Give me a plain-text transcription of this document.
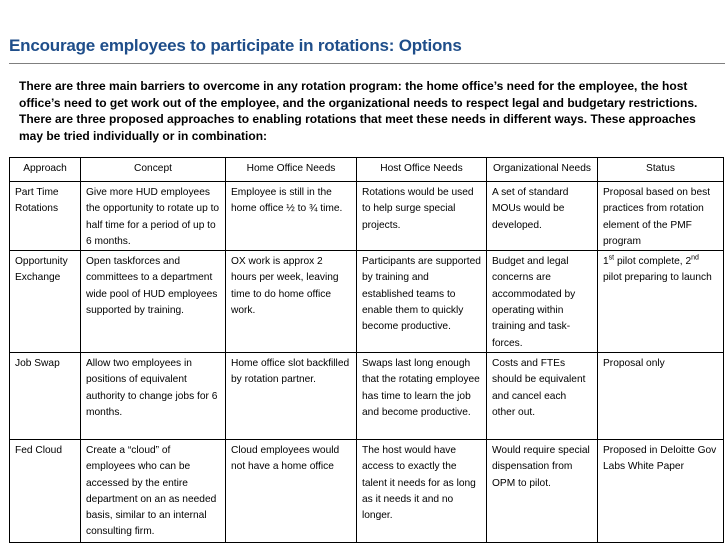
Encourage employees to participate in rotations: Options
There are three main barriers to overcome in any rotation program: the home office’s need for the employee, the host office’s need to get work out of the employee, and the organizational needs to respect legal and budgetary restrictions. There are three proposed approaches to enabling rotations that meet these needs in different ways. These approaches may be tried individually or in combination:
Approach	Concept	Home Office Needs	Host Office Needs	Organizational Needs	Status
Part Time Rotations	Give more HUD employees the opportunity to rotate up to half time for a period of up to 6 months.	Employee is still in the home office ½ to ¾ time.	Rotations would be used to help surge special projects.	A set of standard MOUs would be developed.	Proposal based on best practices from rotation element of the PMF program
Opportunity Exchange	Open taskforces and committees to a department wide pool of HUD employees supported by training.	OX work is approx 2 hours per week, leaving time to do home office work.	Participants are supported by training and established teams to enable them to quickly become productive.	Budget and legal concerns are accommodated by operating within training and task-forces.	1st pilot complete, 2nd pilot preparing to launch
Job Swap	Allow two employees in positions of equivalent authority to change jobs for 6 months.	Home office slot backfilled by rotation partner.	Swaps last long enough that the rotating employee has time to learn the job and become productive.	Costs and FTEs should be equivalent and cancel each other out.	Proposal only
Fed Cloud	Create a “cloud” of employees who can be accessed by the entire department on an as needed basis, similar to an internal consulting firm.	Cloud employees would not have a home office	The host would have access to exactly the talent it needs for as long as it needs it and no longer.	Would require special dispensation from OPM to pilot.	Proposed in Deloitte Gov Labs White Paper
